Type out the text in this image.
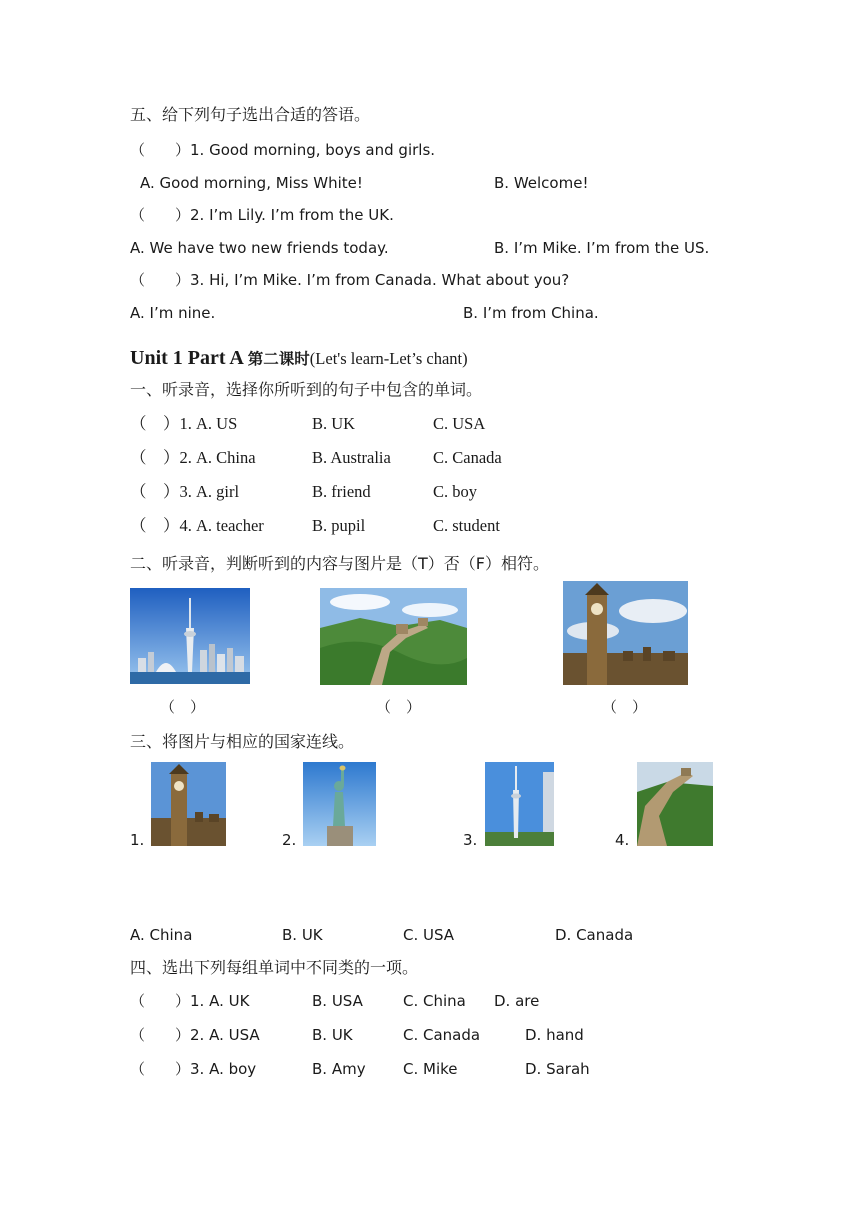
五、给下列句子选出合适的答语。
（　　）1. Good morning, boys and girls.
A. Good morning, Miss White!	B. Welcome!
（　　）2. I’m Lily. I’m from the UK.
A. We have two new friends today.	B. I’m Mike. I’m from the US.
（　　）3. Hi, I’m Mike. I’m from Canada. What about you?
A. I’m nine.	B. I’m from China.
Unit 1 Part A 第二课时(Let's learn-Let’s chant)
一、听录音，选择你所听到的句子中包含的单词。
（　）1. A. US	B. UK	C. USA
（　）2. A. China	B. Australia	C. Canada
（　）3. A. girl	B. friend	C. boy
（　）4. A. teacher	B. pupil	C. student
二、听录音，判断听到的内容与图片是（T）否（F）相符。
（　）	（　）	（　）
三、将图片与相应的国家连线。
1.	2.	3.	4.
A. China	B. UK	C. USA	D. Canada
四、选出下列每组单词中不同类的一项。
（　　）1. A. UK	B. USA	C. China D. are
（　　）2. A. USA	B. UK	C. Canada	D. hand
（　　）3. A. boy	B. Amy C. Mike	D. Sarah
